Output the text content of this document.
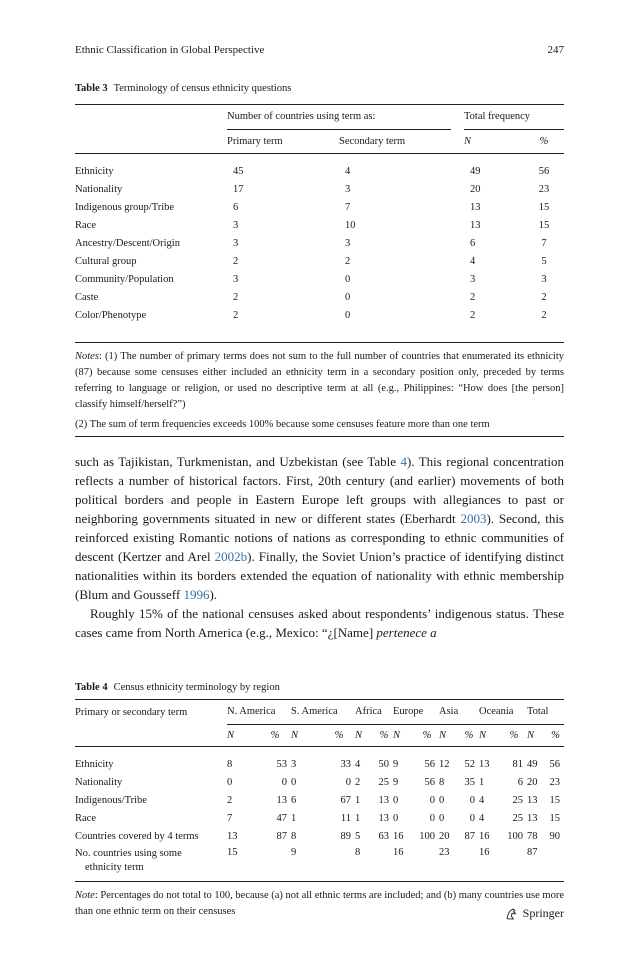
Ethnic Classification in Global Perspective	247
Table 3 Terminology of census ethnicity questions
	Number of countries using term as:			Total frequency	
	Primary term	Secondary term		N	%

Ethnicity	45	4		49	56
Nationality	17	3		20	23
Indigenous group/Tribe	6	7		13	15
Race	3	10		13	15
Ancestry/Descent/Origin	3	3		6	7
Cultural group	2	2		4	5
Community/Population	3	0		3	3
Caste	2	0		2	2
Color/Phenotype	2	0		2	2

Notes: (1) The number of primary terms does not sum to the full number of countries that enumerated its ethnicity (87) because some censuses either included an ethnicity term in a secondary position only, preceded by terms referring to language or religion, or used no descriptive term at all (e.g., Philippines: “How does [the person] classify himself/herself?”)
(2) The sum of term frequencies exceeds 100% because some censuses feature more than one term

such as Tajikistan, Turkmenistan, and Uzbekistan (see Table 4). This regional concentration reflects a number of historical factors. First, 20th century (and earlier) movements of both political borders and people in Eastern Europe left groups with allegiances to past or neighboring governments situated in new or different states (Eberhardt 2003). Second, this reinforced existing Romantic notions of nations as corresponding to ethnic communities of descent (Kertzer and Arel 2002b). Finally, the Soviet Union’s practice of identifying distinct nationalities within its borders extended the equation of nationality with ethnic membership (Blum and Gousseff 1996).

Roughly 15% of the national censuses asked about respondents’ indigenous status. These cases came from North America (e.g., Mexico: “¿[Name] pertenece a

Table 4 Census ethnicity terminology by region
Primary or secondary term	N. America		S. America		Africa		Europe		Asia		Oceania		Total	
	N	%	N	%	N	%	N	%	N	%	N	%	N	%

Ethnicity	8	53	3	33	4	50	9	56	12	52	13	81	49	56
Nationality	0	0	0	0	2	25	9	56	8	35	1	6	20	23
Indigenous/Tribe	2	13	6	67	1	13	0	0	0	0	4	25	13	15
Race	7	47	1	11	1	13	0	0	0	0	4	25	13	15
Countries covered by 4 terms	13	87	8	89	5	63	16	100	20	87	16	100	78	90
No. countries using some
ethnicity term	15		9		8		16		23		16		87	

Note: Percentages do not total to 100, because (a) not all ethnic terms are included; and (b) many countries use more than one ethnic term on their censuses	Springer
